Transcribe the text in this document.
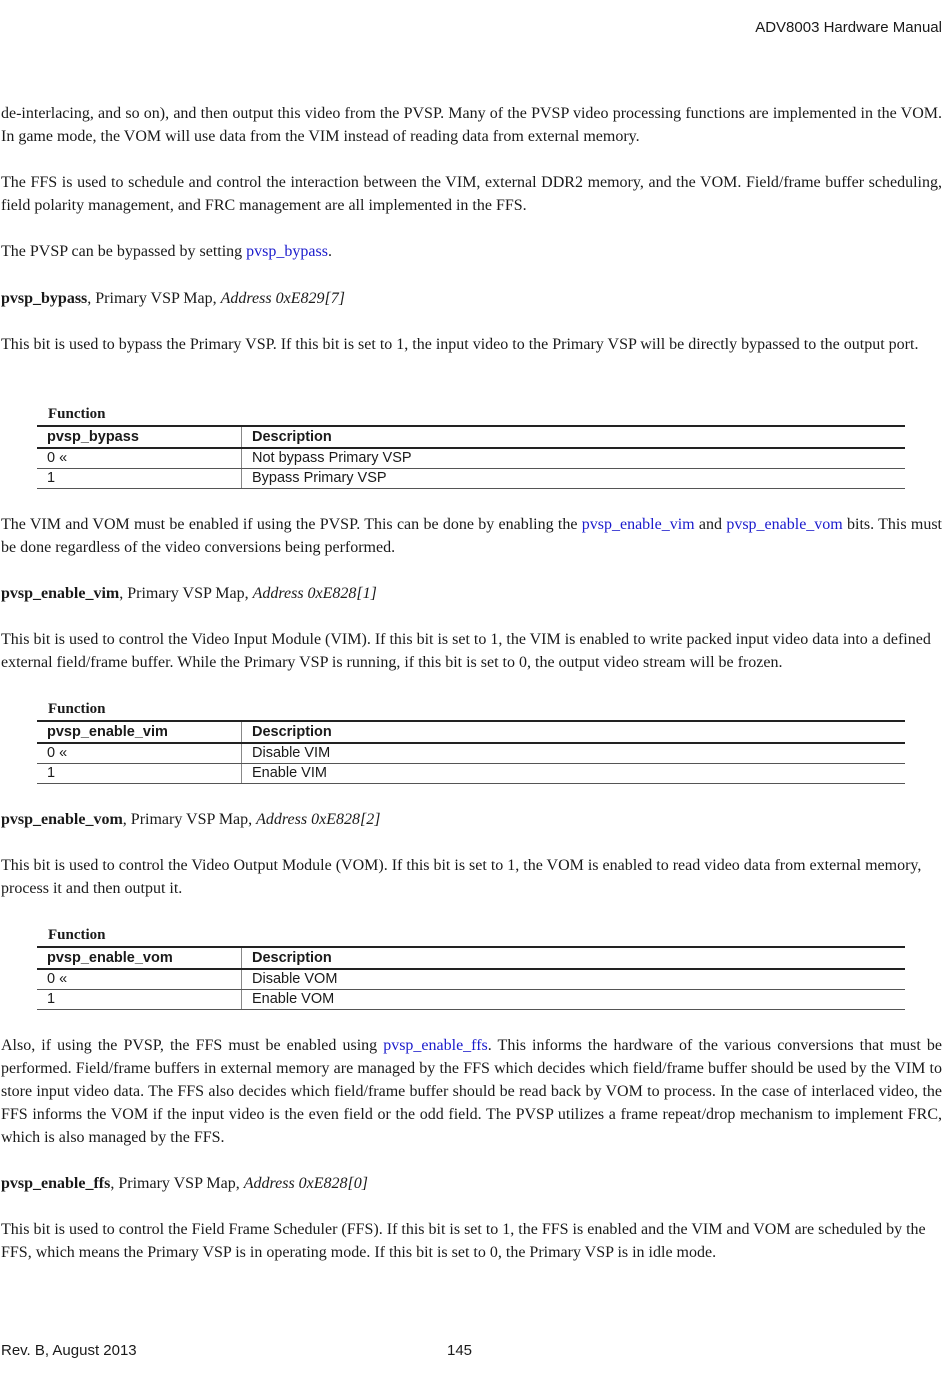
ADV8003 Hardware Manual
de-interlacing, and so on), and then output this video from the PVSP. Many of the PVSP video processing functions are implemented in the VOM. In game mode, the VOM will use data from the VIM instead of reading data from external memory.
The FFS is used to schedule and control the interaction between the VIM, external DDR2 memory, and the VOM. Field/frame buffer scheduling, field polarity management, and FRC management are all implemented in the FFS.
The PVSP can be bypassed by setting pvsp_bypass.
pvsp_bypass, Primary VSP Map, Address 0xE829[7]
This bit is used to bypass the Primary VSP. If this bit is set to 1, the input video to the Primary VSP will be directly bypassed to the output port.
Function
pvsp_bypass	Description
0 «	Not bypass Primary VSP
1	Bypass Primary VSP
The VIM and VOM must be enabled if using the PVSP. This can be done by enabling the pvsp_enable_vim and pvsp_enable_vom bits. This must be done regardless of the video conversions being performed.
pvsp_enable_vim, Primary VSP Map, Address 0xE828[1]
This bit is used to control the Video Input Module (VIM). If this bit is set to 1, the VIM is enabled to write packed input video data into a defined external field/frame buffer. While the Primary VSP is running, if this bit is set to 0, the output video stream will be frozen.
Function
pvsp_enable_vim	Description
0 «	Disable VIM
1	Enable VIM
pvsp_enable_vom, Primary VSP Map, Address 0xE828[2]
This bit is used to control the Video Output Module (VOM). If this bit is set to 1, the VOM is enabled to read video data from external memory, process it and then output it.
Function
pvsp_enable_vom	Description
0 «	Disable VOM
1	Enable VOM
Also, if using the PVSP, the FFS must be enabled using pvsp_enable_ffs. This informs the hardware of the various conversions that must be performed. Field/frame buffers in external memory are managed by the FFS which decides which field/frame buffer should be used by the VIM to store input video data. The FFS also decides which field/frame buffer should be read back by VOM to process. In the case of interlaced video, the FFS informs the VOM if the input video is the even field or the odd field. The PVSP utilizes a frame repeat/drop mechanism to implement FRC, which is also managed by the FFS.
pvsp_enable_ffs, Primary VSP Map, Address 0xE828[0]
This bit is used to control the Field Frame Scheduler (FFS). If this bit is set to 1, the FFS is enabled and the VIM and VOM are scheduled by the FFS, which means the Primary VSP is in operating mode. If this bit is set to 0, the Primary VSP is in idle mode.
Rev. B, August 2013	145
